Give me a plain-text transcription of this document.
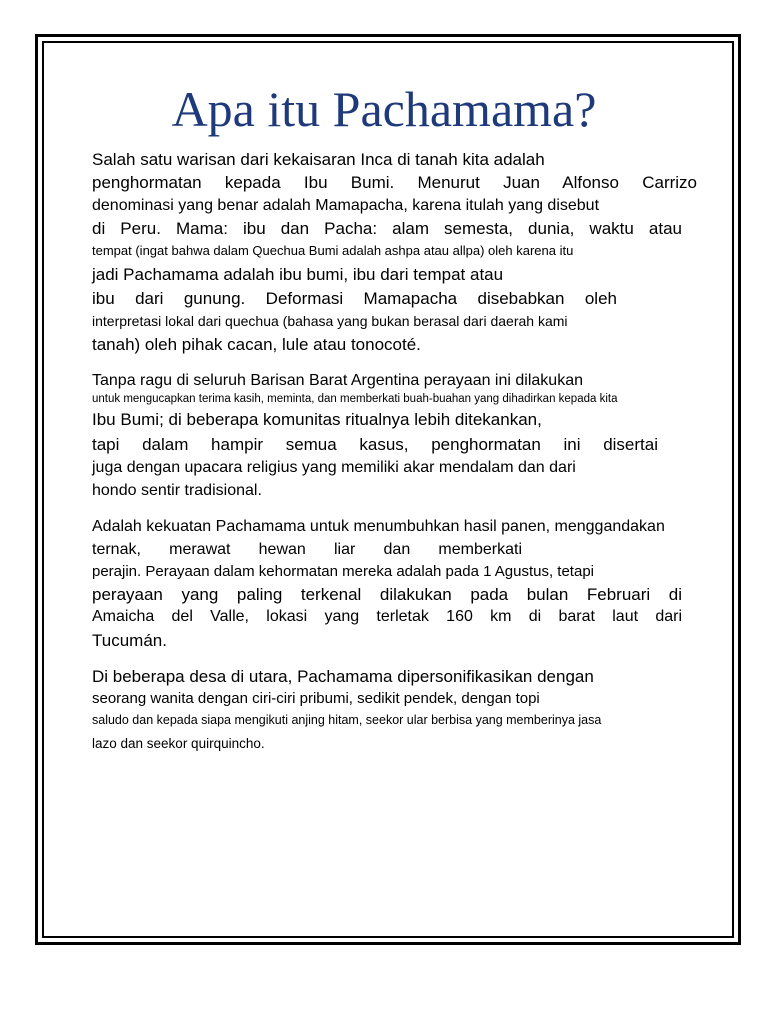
Apa itu Pachamama?
Salah satu warisan dari kekaisaran Inca di tanah kita adalah
penghormatan kepada Ibu Bumi. Menurut Juan Alfonso Carrizo
denominasi yang benar adalah Mamapacha, karena itulah yang disebut
di Peru. Mama: ibu dan Pacha: alam semesta, dunia, waktu atau
tempat (ingat bahwa dalam Quechua Bumi adalah ashpa atau allpa) oleh karena itu
jadi Pachamama adalah ibu bumi, ibu dari tempat atau
ibu dari gunung. Deformasi Mamapacha disebabkan oleh
interpretasi lokal dari quechua (bahasa yang bukan berasal dari daerah kami
tanah) oleh pihak cacan, lule atau tonocoté.
Tanpa ragu di seluruh Barisan Barat Argentina perayaan ini dilakukan
untuk mengucapkan terima kasih, meminta, dan memberkati buah-buahan yang dihadirkan kepada kita
Ibu Bumi; di beberapa komunitas ritualnya lebih ditekankan,
tapi dalam hampir semua kasus, penghormatan ini disertai
juga dengan upacara religius yang memiliki akar mendalam dan dari
hondo sentir tradisional.
Adalah kekuatan Pachamama untuk menumbuhkan hasil panen, menggandakan
ternak, merawat hewan liar dan memberkati
perajin. Perayaan dalam kehormatan mereka adalah pada 1 Agustus, tetapi
perayaan yang paling terkenal dilakukan pada bulan Februari di
Amaicha del Valle, lokasi yang terletak 160 km di barat laut dari
Tucumán.
Di beberapa desa di utara, Pachamama dipersonifikasikan dengan
seorang wanita dengan ciri-ciri pribumi, sedikit pendek, dengan topi
saludo dan kepada siapa mengikuti anjing hitam, seekor ular berbisa yang memberinya jasa
lazo dan seekor quirquincho.
